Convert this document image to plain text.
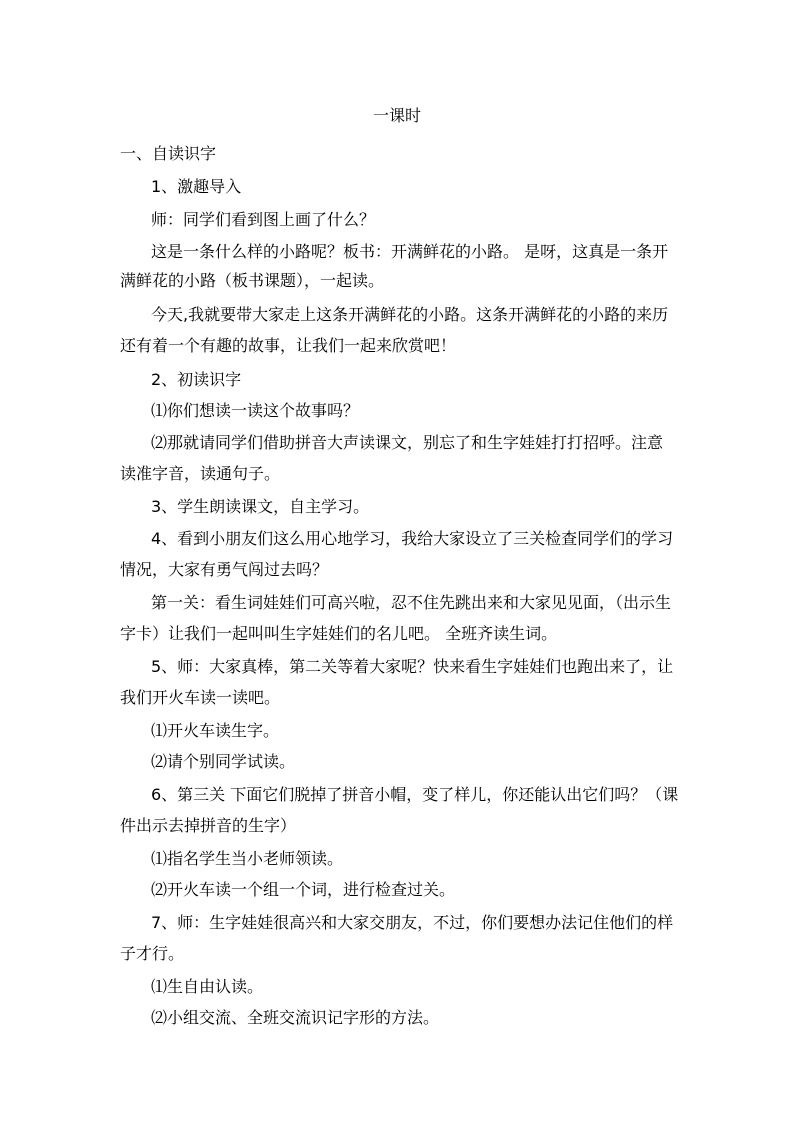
一课时
一、自读识字
1、激趣导入
师：同学们看到图上画了什么？
这是一条什么样的小路呢？板书：开满鲜花的小路。 是呀，这真是一条开
满鲜花的小路（板书课题），一起读。
今天,我就要带大家走上这条开满鲜花的小路。这条开满鲜花的小路的来历
还有着一个有趣的故事，让我们一起来欣赏吧！
2、初读识字
⑴你们想读一读这个故事吗？
⑵那就请同学们借助拼音大声读课文，别忘了和生字娃娃打打招呼。注意
读准字音，读通句子。
3、学生朗读课文，自主学习。
4、看到小朋友们这么用心地学习，我给大家设立了三关检查同学们的学习
情况，大家有勇气闯过去吗？
第一关：看生词娃娃们可高兴啦，忍不住先跳出来和大家见见面，（出示生
字卡）让我们一起叫叫生字娃娃们的名儿吧。 全班齐读生词。
5、师：大家真棒，第二关等着大家呢？快来看生字娃娃们也跑出来了，让
我们开火车读一读吧。
⑴开火车读生字。
⑵请个别同学试读。
6、第三关 下面它们脱掉了拼音小帽，变了样儿，你还能认出它们吗？（课
件出示去掉拼音的生字）
⑴指名学生当小老师领读。
⑵开火车读一个组一个词，进行检查过关。
7、师：生字娃娃很高兴和大家交朋友，不过，你们要想办法记住他们的样
子才行。
⑴生自由认读。
⑵小组交流、全班交流识记字形的方法。
